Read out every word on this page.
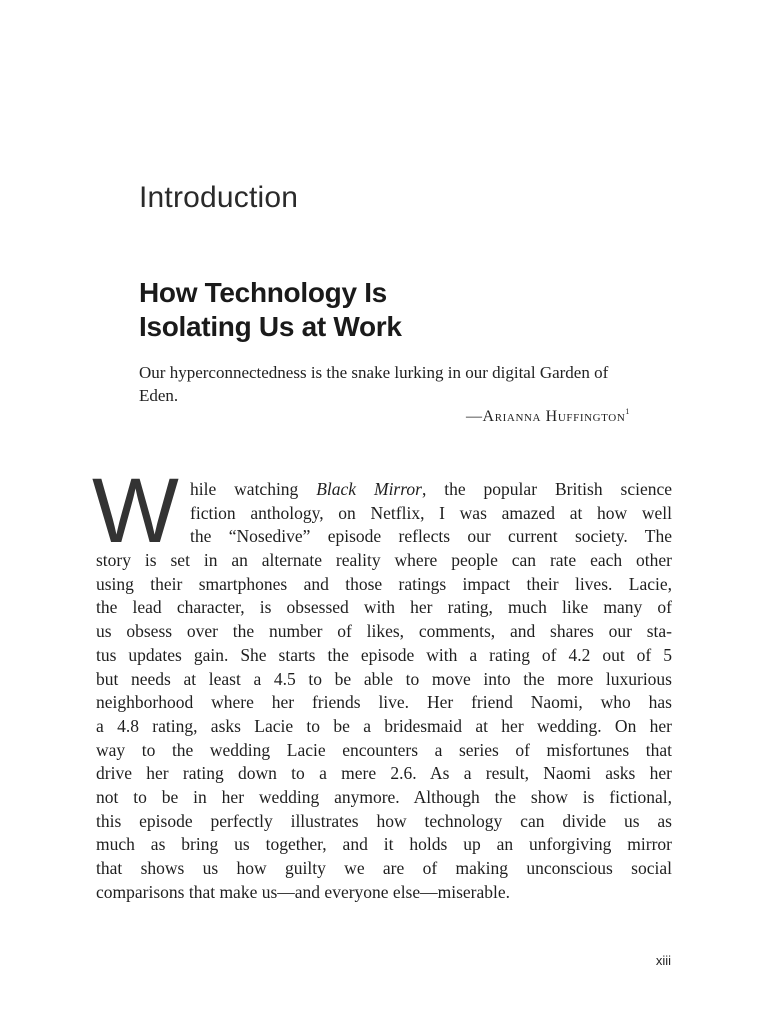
Introduction
How Technology Is
Isolating Us at Work
Our hyperconnectedness is the snake lurking in our digital Garden of Eden.
—Arianna Huffington$^1$
W hile watching Black Mirror, the popular British science
fiction anthology, on Netflix, I was amazed at how well
the “Nosedive” episode reflects our current society. The
story is set in an alternate reality where people can rate each other
using their smartphones and those ratings impact their lives. Lacie,
the lead character, is obsessed with her rating, much like many of
us obsess over the number of likes, comments, and shares our sta-
tus updates gain. She starts the episode with a rating of 4.2 out of 5
but needs at least a 4.5 to be able to move into the more luxurious
neighborhood where her friends live. Her friend Naomi, who has
a 4.8 rating, asks Lacie to be a bridesmaid at her wedding. On her
way to the wedding Lacie encounters a series of misfortunes that
drive her rating down to a mere 2.6. As a result, Naomi asks her
not to be in her wedding anymore. Although the show is fictional,
this episode perfectly illustrates how technology can divide us as
much as bring us together, and it holds up an unforgiving mirror
that shows us how guilty we are of making unconscious social
comparisons that make us—and everyone else—miserable.
xiii
